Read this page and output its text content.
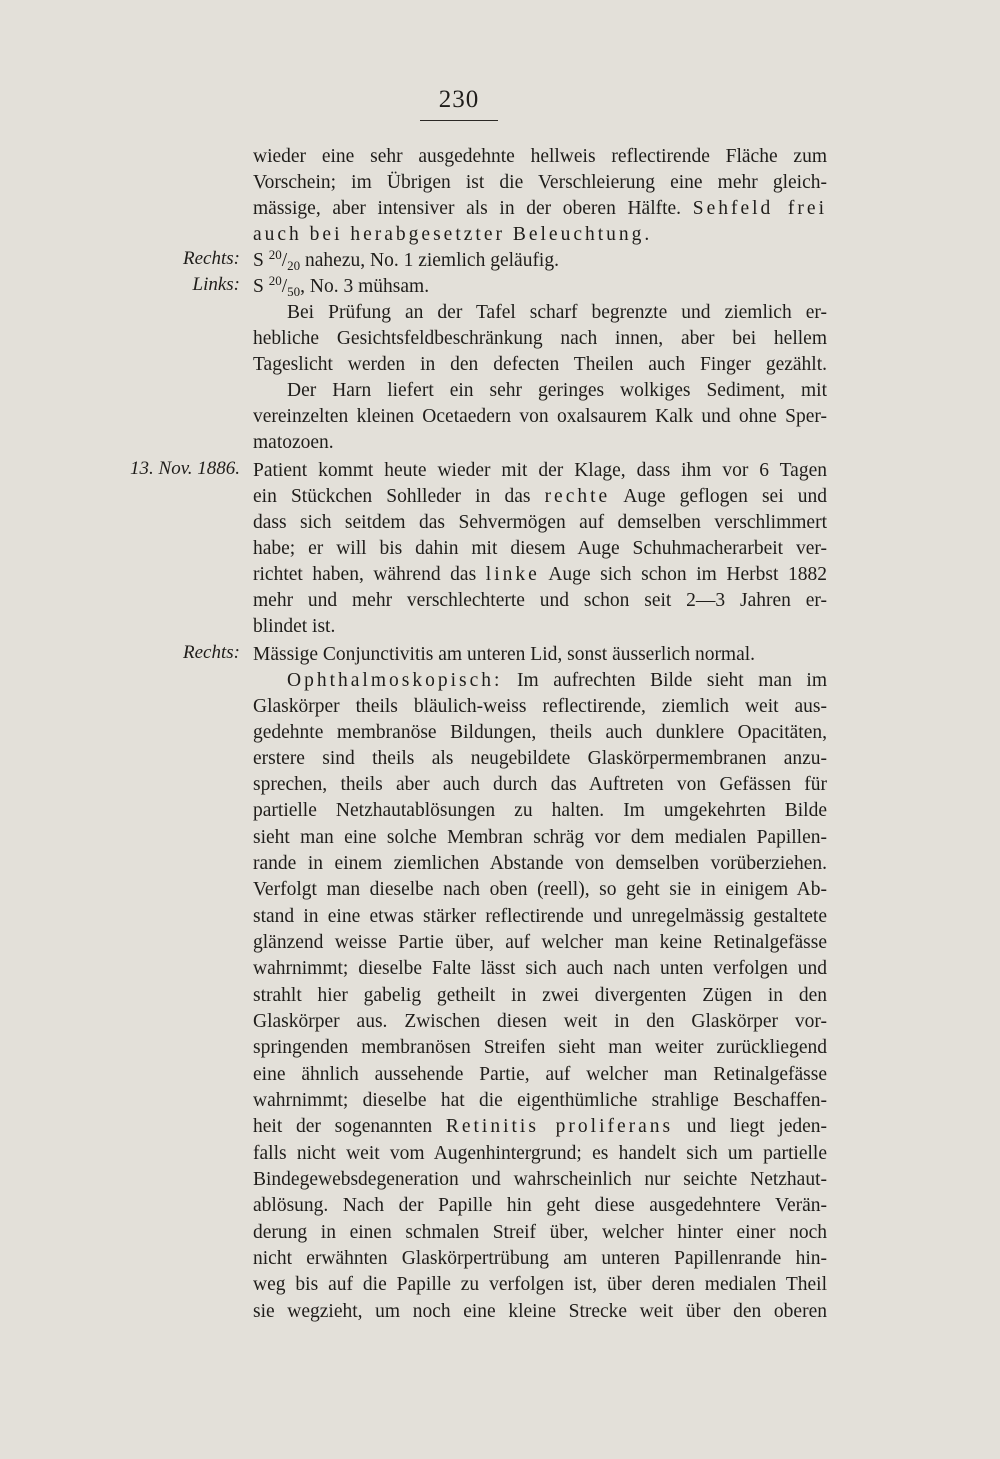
230
Rechts:
Links:
13. Nov. 1886.
Rechts:
wieder eine sehr ausgedehnte hellweis reflectirende Fläche zum
Vorschein; im Übrigen ist die Verschleierung eine mehr gleich-
mässige, aber intensiver als in der oberen Hälfte. Sehfeld frei
auch bei herabgesetzter Beleuchtung.
S $^{20}/_{20}$ nahezu, No. 1 ziemlich geläufig.
S $^{20}/_{50}$, No. 3 mühsam.
Bei Prüfung an der Tafel scharf begrenzte und ziemlich er-
hebliche Gesichtsfeldbeschränkung nach innen, aber bei hellem
Tageslicht werden in den defecten Theilen auch Finger gezählt.
Der Harn liefert ein sehr geringes wolkiges Sediment, mit
vereinzelten kleinen Ocetaedern von oxalsaurem Kalk und ohne Sper-
matozoen.
Patient kommt heute wieder mit der Klage, dass ihm vor 6 Tagen
ein Stückchen Sohlleder in das rechte Auge geflogen sei und
dass sich seitdem das Sehvermögen auf demselben verschlimmert
habe; er will bis dahin mit diesem Auge Schuhmacherarbeit ver-
richtet haben, während das linke Auge sich schon im Herbst 1882
mehr und mehr verschlechterte und schon seit 2—3 Jahren er-
blindet ist.
Mässige Conjunctivitis am unteren Lid, sonst äusserlich normal.
Ophthalmoskopisch: Im aufrechten Bilde sieht man im
Glaskörper theils bläulich-weiss reflectirende, ziemlich weit aus-
gedehnte membranöse Bildungen, theils auch dunklere Opacitäten,
erstere sind theils als neugebildete Glaskörpermembranen anzu-
sprechen, theils aber auch durch das Auftreten von Gefässen für
partielle Netzhautablösungen zu halten. Im umgekehrten Bilde
sieht man eine solche Membran schräg vor dem medialen Papillen-
rande in einem ziemlichen Abstande von demselben vorüberziehen.
Verfolgt man dieselbe nach oben (reell), so geht sie in einigem Ab-
stand in eine etwas stärker reflectirende und unregelmässig gestaltete
glänzend weisse Partie über, auf welcher man keine Retinalgefässe
wahrnimmt; dieselbe Falte lässt sich auch nach unten verfolgen und
strahlt hier gabelig getheilt in zwei divergenten Zügen in den
Glaskörper aus. Zwischen diesen weit in den Glaskörper vor-
springenden membranösen Streifen sieht man weiter zurückliegend
eine ähnlich aussehende Partie, auf welcher man Retinalgefässe
wahrnimmt; dieselbe hat die eigenthümliche strahlige Beschaffen-
heit der sogenannten Retinitis proliferans und liegt jeden-
falls nicht weit vom Augenhintergrund; es handelt sich um partielle
Bindegewebsdegeneration und wahrscheinlich nur seichte Netzhaut-
ablösung. Nach der Papille hin geht diese ausgedehntere Verän-
derung in einen schmalen Streif über, welcher hinter einer noch
nicht erwähnten Glaskörpertrübung am unteren Papillenrande hin-
weg bis auf die Papille zu verfolgen ist, über deren medialen Theil
sie wegzieht, um noch eine kleine Strecke weit über den oberen
